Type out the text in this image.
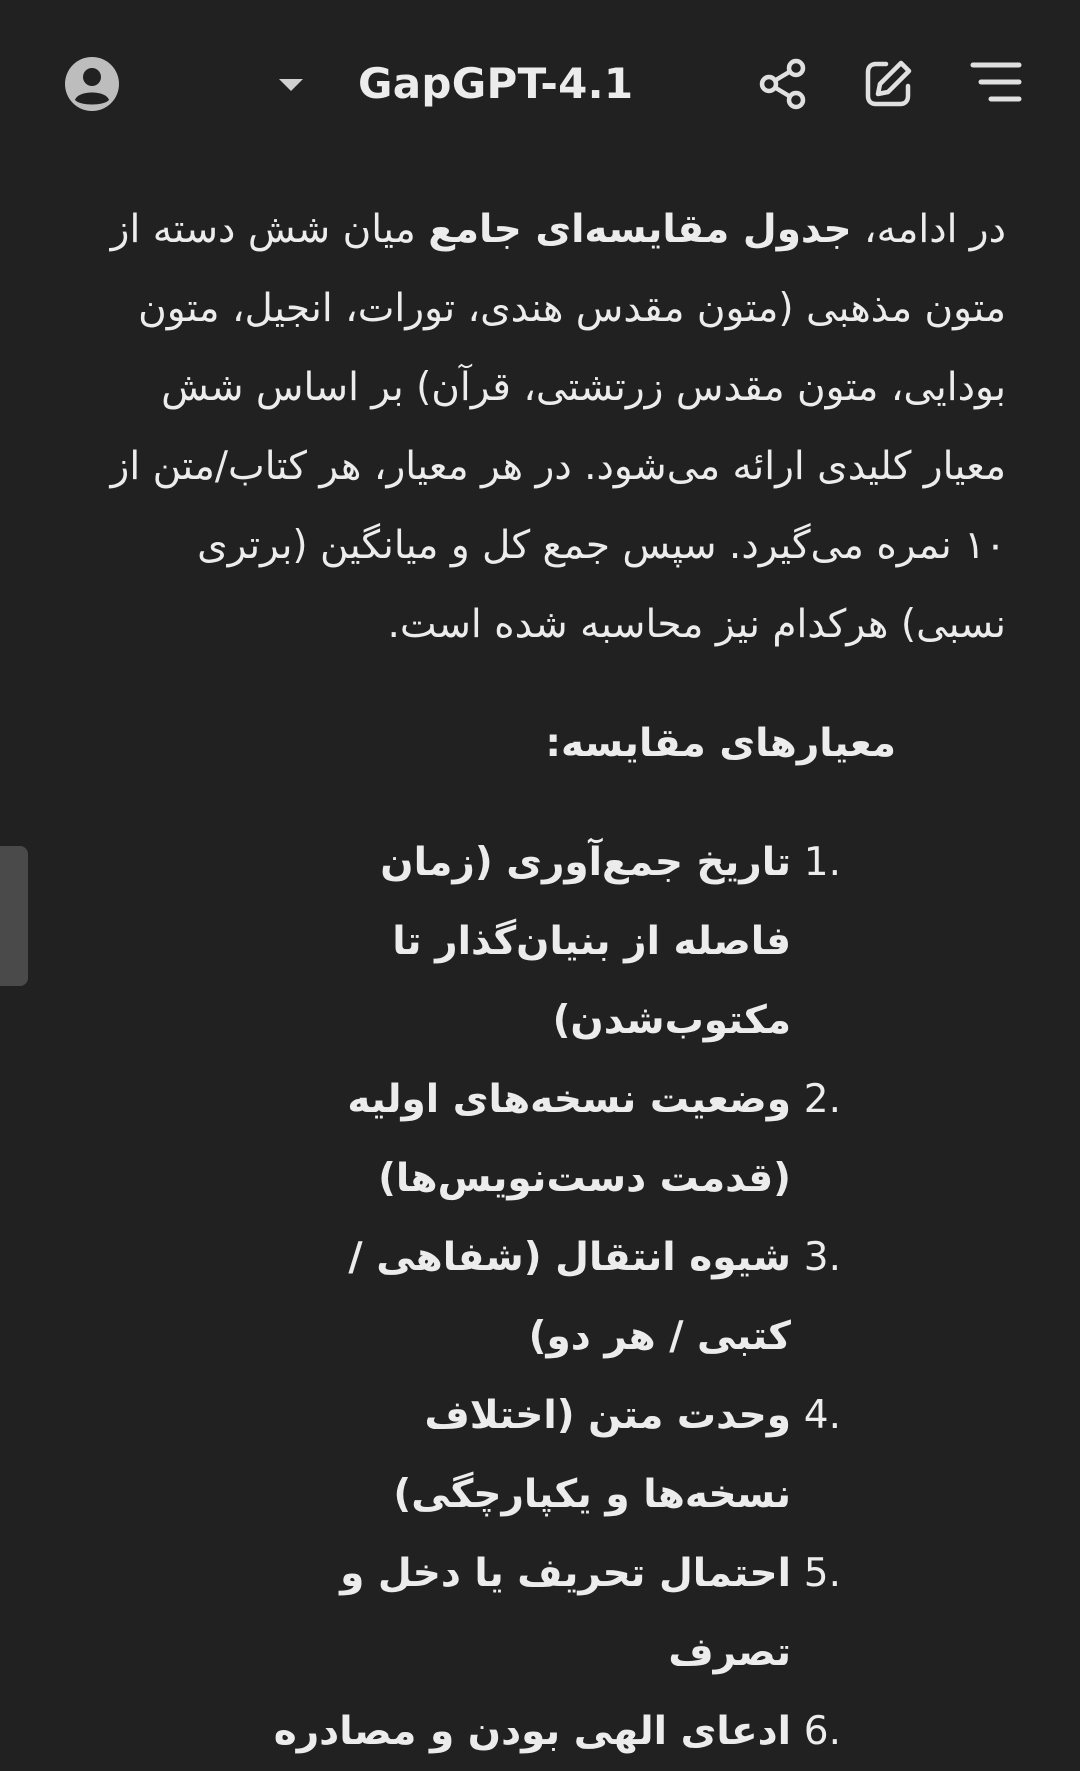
GapGPT-4.1
در ادامه، جدول مقایسه‌ای جامع میان شش دسته از متون مذهبی (متون مقدس هندی، تورات، انجیل، متون بودایی، متون مقدس زرتشتی، قرآن) بر اساس شش معیار کلیدی ارائه می‌شود. در هر معیار، هر کتاب/متن از ۱۰ نمره می‌گیرد. سپس جمع کل و میانگین (برتری نسبی) هرکدام نیز محاسبه شده است.
معیارهای مقایسه:
1.
تاریخ جمع‌آوری (زمان فاصله از بنیان‌گذار تا مکتوب‌شدن)
2.
وضعیت نسخه‌های اولیه (قدمت دست‌نویس‌ها)
3.
شیوه انتقال (شفاهی / کتبی / هر دو)
4.
وحدت متن (اختلاف نسخه‌ها و یکپارچگی)
5.
احتمال تحریف یا دخل و تصرف
6.
ادعای الهی بودن و مصادره
